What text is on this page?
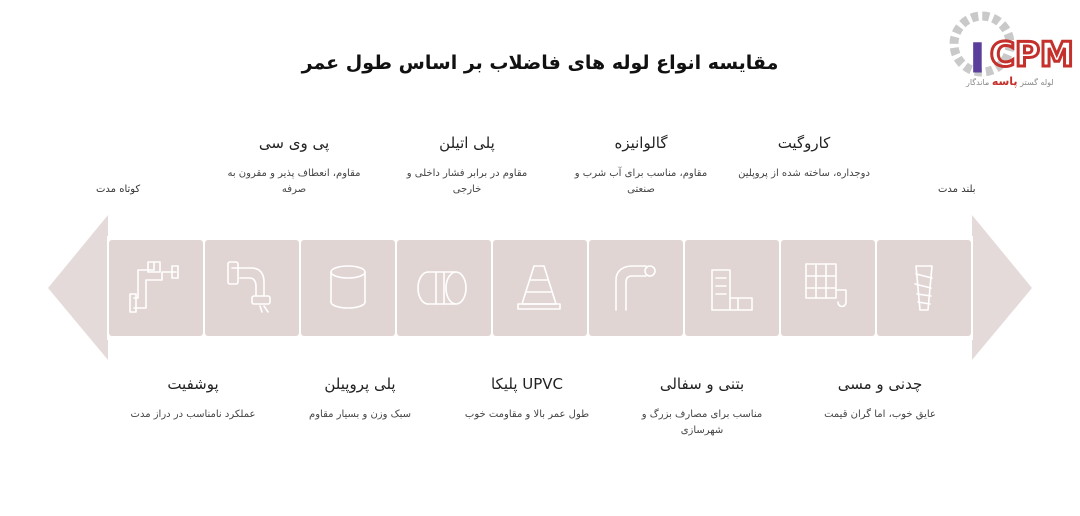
مقایسه انواع لوله های فاضلاب بر اساس طول عمر	I CPM
لوله گستر پاسه ماندگار
کوتاه مدت	بلند مدت
کاروگیت
دوجداره، ساخته شده از پروپلین
گالوانیزه
مقاوم، مناسب برای آب شرب و صنعتی
پلی اتیلن
مقاوم در برابر فشار داخلی و خارجی
پی وی سی
مقاوم، انعطاف پذیر و مقرون به صرفه
چدنی و مسی
عایق خوب، اما گران قیمت
بتنی و سفالی
مناسب برای مصارف بزرگ و شهرسازی
UPVC پلیکا
طول عمر بالا و مقاومت خوب
پلی پروپیلن
سبک وزن و بسیار مقاوم
پوشفیت
عملکرد نامناسب در دراز مدت
